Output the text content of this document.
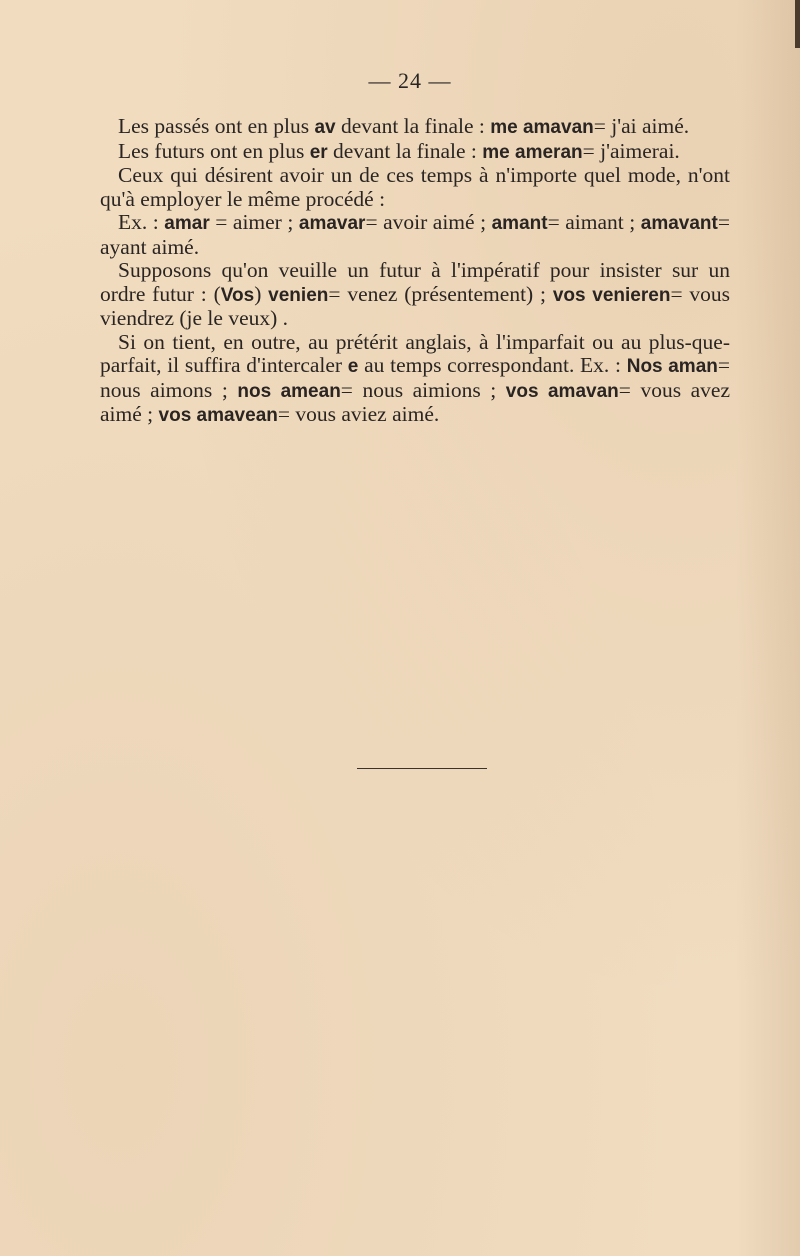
— 24 —

Les passés ont en plus av devant la finale : me amavan= j'ai aimé.

Les futurs ont en plus er devant la finale : me ameran= j'aimerai.

Ceux qui désirent avoir un de ces temps à n'importe quel mode, n'ont qu'à employer le même procédé :

Ex. : amar = aimer ; amavar= avoir aimé ; amant= aimant ; amavant= ayant aimé.

Supposons qu'on veuille un futur à l'impératif pour insister sur un ordre futur : (Vos) venien= venez (présentement) ; vos venieren= vous viendrez (je le veux) .

Si on tient, en outre, au prétérit anglais, à l'imparfait ou au plus-que-parfait, il suffira d'intercaler e au temps correspondant. Ex. : Nos aman= nous aimons ; nos amean= nous aimions ; vos amavan= vous avez aimé ; vos amavean= vous aviez aimé.
